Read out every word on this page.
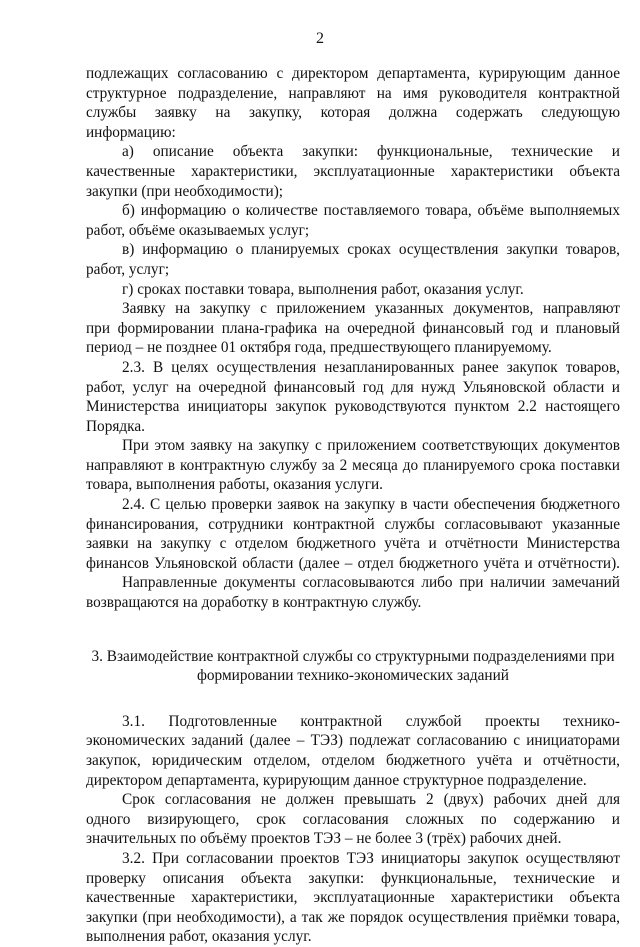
2
подлежащих согласованию с директором департамента, курирующим данное
структурное подразделение, направляют на имя руководителя контрактной
службы заявку на закупку, которая должна содержать следующую
информацию:
а) описание объекта закупки: функциональные, технические и
качественные характеристики, эксплуатационные характеристики объекта
закупки (при необходимости);
б) информацию о количестве поставляемого товара, объёме выполняемых
работ, объёме оказываемых услуг;
в) информацию о планируемых сроках осуществления закупки товаров,
работ, услуг;
г) сроках поставки товара, выполнения работ, оказания услуг.
Заявку на закупку с приложением указанных документов, направляют
при формировании плана-графика на очередной финансовый год и плановый
период – не позднее 01 октября года, предшествующего планируемому.
2.3. В целях осуществления незапланированных ранее закупок товаров,
работ, услуг на очередной финансовый год для нужд Ульяновской области и
Министерства инициаторы закупок руководствуются пунктом 2.2 настоящего
Порядка.
При этом заявку на закупку с приложением соответствующих документов
направляют в контрактную службу за 2 месяца до планируемого срока поставки
товара, выполнения работы, оказания услуги.
2.4. С целью проверки заявок на закупку в части обеспечения бюджетного
финансирования, сотрудники контрактной службы согласовывают указанные
заявки на закупку с отделом бюджетного учёта и отчётности Министерства
финансов Ульяновской области (далее – отдел бюджетного учёта и отчётности).
Направленные документы согласовываются либо при наличии замечаний
возвращаются на доработку в контрактную службу.
3. Взаимодействие контрактной службы со структурными подразделениями при
формировании технико-экономических заданий
3.1. Подготовленные контрактной службой проекты технико-
экономических заданий (далее – ТЭЗ) подлежат согласованию с инициаторами
закупок, юридическим отделом, отделом бюджетного учёта и отчётности,
директором департамента, курирующим данное структурное подразделение.
Срок согласования не должен превышать 2 (двух) рабочих дней для
одного визирующего, срок согласования сложных по содержанию и
значительных по объёму проектов ТЭЗ – не более 3 (трёх) рабочих дней.
3.2. При согласовании проектов ТЭЗ инициаторы закупок осуществляют
проверку описания объекта закупки: функциональные, технические и
качественные характеристики, эксплуатационные характеристики объекта
закупки (при необходимости), а так же порядок осуществления приёмки товара,
выполнения работ, оказания услуг.
